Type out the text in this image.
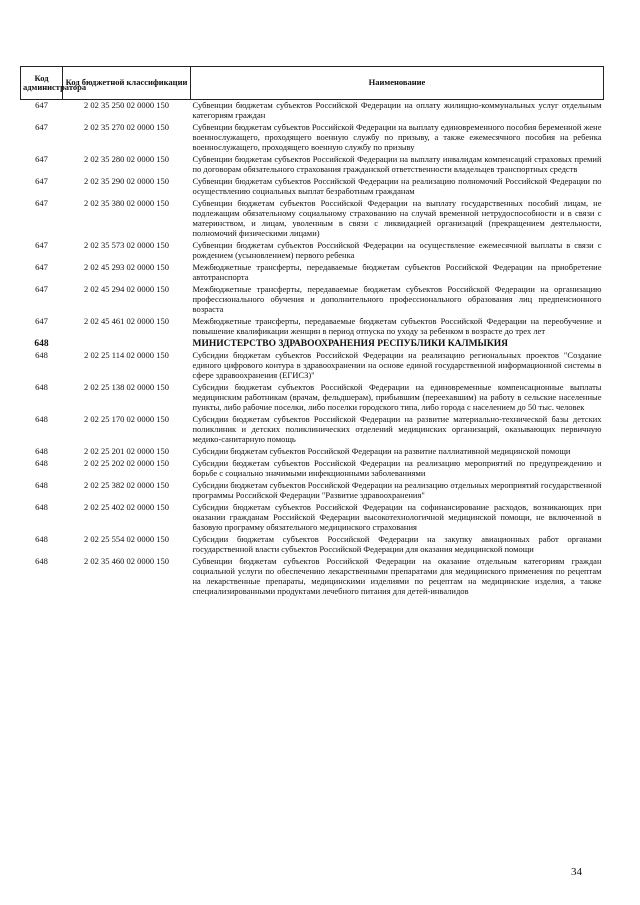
Код администратора	Код бюджетной классификации	Наименование
647	2 02 35 250 02 0000 150	Субвенции бюджетам субъектов Российской Федерации на оплату жилищно-коммунальных услуг отдельным категориям граждан
647	2 02 35 270 02 0000 150	Субвенции бюджетам субъектов Российской Федерации на выплату единовременного пособия беременной жене военнослужащего, проходящего военную службу по призыву, а также ежемесячного пособия на ребенка военнослужащего, проходящего военную службу по призыву
647	2 02 35 280 02 0000 150	Субвенции бюджетам субъектов Российской Федерации на выплату инвалидам компенсаций страховых премий по договорам обязательного страхования гражданской ответственности владельцев транспортных средств
647	2 02 35 290 02 0000 150	Субвенции бюджетам субъектов Российской Федерации на реализацию полномочий Российской Федерации по осуществлению социальных выплат безработным гражданам
647	2 02 35 380 02 0000 150	Субвенции бюджетам субъектов Российской Федерации на выплату государственных пособий лицам, не подлежащим обязательному социальному страхованию на случай временной нетрудоспособности и в связи с материнством, и лицам, уволенным в связи с ликвидацией организаций (прекращением деятельности, полномочий физическими лицами)
647	2 02 35 573 02 0000 150	Субвенции бюджетам субъектов Российской Федерации на осуществление ежемесячной выплаты в связи с рождением (усыновлением) первого ребенка
647	2 02 45 293 02 0000 150	Межбюджетные трансферты, передаваемые бюджетам субъектов Российской Федерации на приобретение автотранспорта
647	2 02 45 294 02 0000 150	Межбюджетные трансферты, передаваемые бюджетам субъектов Российской Федерации на организацию профессионального обучения и дополнительного профессионального образования лиц предпенсионного возраста
647	2 02 45 461 02 0000 150	Межбюджетные трансферты, передаваемые бюджетам субъектов Российской Федерации на переобучение и повышение квалификации женщин в период отпуска по уходу за ребенком в возрасте до трех лет
648		МИНИСТЕРСТВО ЗДРАВООХРАНЕНИЯ РЕСПУБЛИКИ КАЛМЫКИЯ
648	2 02 25 114 02 0000 150	Субсидии бюджетам субъектов Российской Федерации на реализацию региональных проектов "Создание единого цифрового контура в здравоохранении на основе единой государственной информационной системы в сфере здравоохранения (ЕГИСЗ)"
648	2 02 25 138 02 0000 150	Субсидии бюджетам субъектов Российской Федерации на единовременные компенсационные выплаты медицинским работникам (врачам, фельдшерам), прибывшим (переехавшим) на работу в сельские населенные пункты, либо рабочие поселки, либо поселки городского типа, либо города с населением до 50 тыс. человек
648	2 02 25 170 02 0000 150	Субсидии бюджетам субъектов Российской Федерации на развитие материально-технической базы детских поликлиник и детских поликлинических отделений медицинских организаций, оказывающих первичную медико-санитарную помощь
648	2 02 25 201 02 0000 150	Субсидии бюджетам субъектов Российской Федерации на развитие паллиативной медицинской помощи
648	2 02 25 202 02 0000 150	Субсидии бюджетам субъектов Российской Федерации на реализацию мероприятий по предупреждению и борьбе с социально значимыми инфекционными заболеваниями
648	2 02 25 382 02 0000 150	Субсидии бюджетам субъектов Российской Федерации на реализацию отдельных мероприятий государственной программы Российской Федерации "Развитие здравоохранения"
648	2 02 25 402 02 0000 150	Субсидии бюджетам субъектов Российской Федерации на софинансирование расходов, возникающих при оказании гражданам Российской Федерации высокотехнологичной медицинской помощи, не включенной в базовую программу обязательного медицинского страхования
648	2 02 25 554 02 0000 150	Субсидии бюджетам субъектов Российской Федерации на закупку авиационных работ органами государственной власти субъектов Российской Федерации для оказания медицинской помощи
648	2 02 35 460 02 0000 150	Субвенции бюджетам субъектов Российской Федерации на оказание отдельным категориям граждан социальной услуги по обеспечению лекарственными препаратами для медицинского применения по рецептам на лекарственные препараты, медицинскими изделиями по рецептам на медицинские изделия, а также специализированными продуктами лечебного питания для детей-инвалидов
34
